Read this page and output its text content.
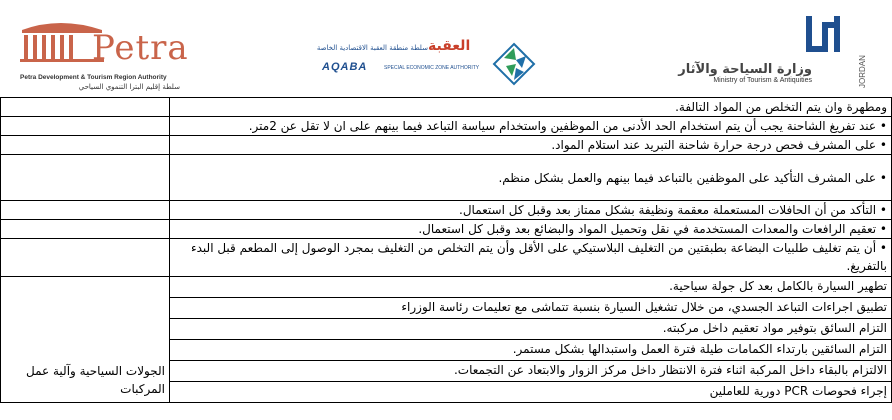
Petra
Petra Development & Tourism Region Authority
سلطة إقليم البترا التنموي السياحي
سلطة منطقة العقبة الاقتصادية الخاصة العقبة
AQABA	SPECIAL ECONOMIC ZONE AUTHORITY	JORDAN
وزارة السياحة والآثار
Ministry of Tourism & Antiquities
ومطهرة وان يتم التخلص من المواد التالفة.	
• عند تفريغ الشاحنة يجب أن يتم استخدام الحد الأدنى من الموظفين واستخدام سياسة التباعد فيما بينهم على ان لا تقل عن 2متر.	
• على المشرف فحص درجة حرارة شاحنة التبريد عند استلام المواد.	
• على المشرف التأكيد على الموظفين بالتباعد فيما بينهم والعمل بشكل منظم.	
• التأكد من أن الحافلات المستعملة معقمة ونظيفة بشكل ممتاز بعد وقبل كل استعمال.	
• تعقيم الرافعات والمعدات المستخدمة في نقل وتحميل المواد والبضائع بعد وقبل كل استعمال.	
• أن يتم تغليف طلبيات البضاعة بطبقتين من التغليف البلاستيكي على الأقل وأن يتم التخلص من التغليف بمجرد الوصول إلى المطعم قبل البدء بالتفريغ.	
تطهير السيارة بالكامل بعد كل جولة سياحية.	الجولات السياحية وآلية عمل المركبات

تطبيق اجراءات التباعد الجسدي، من خلال تشغيل السيارة بنسبة تتماشى مع تعليمات رئاسة الوزراء	
التزام السائق بتوفير مواد تعقيم داخل مركبته.	
التزام السائقين بارتداء الكمامات طيلة فترة العمل واستبدالها بشكل مستمر.	
الالتزام بالبقاء داخل المركبة اثناء فترة الانتظار داخل مركز الزوار والابتعاد عن التجمعات.	
إجراء فحوصات PCR دورية للعاملين	
